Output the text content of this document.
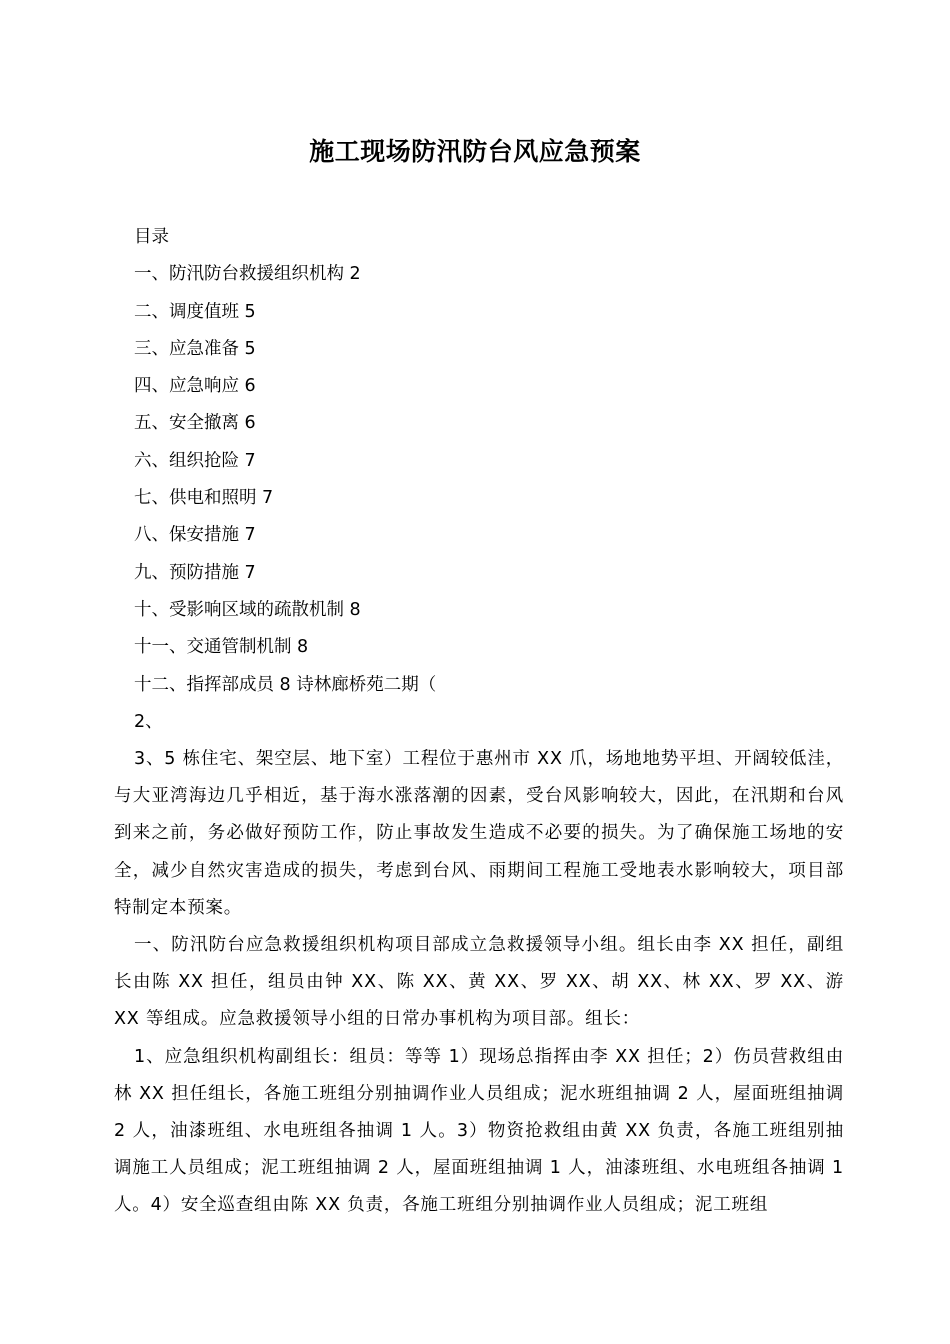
施工现场防汛防台风应急预案
目录
一、防汛防台救援组织机构 2
二、调度值班 5
三、应急准备 5
四、应急响应 6
五、安全撤离 6
六、组织抢险 7
七、供电和照明 7
八、保安措施 7
九、预防措施 7
十、受影响区域的疏散机制 8
十一、交通管制机制 8
十二、指挥部成员 8 诗林廊桥苑二期（
2、

3、5 栋住宅、架空层、地下室）工程位于惠州市 XX 爪，场地地势平坦、开阔较低洼，与大亚湾海边几乎相近，基于海水涨落潮的因素，受台风影响较大，因此，在汛期和台风到来之前，务必做好预防工作，防止事故发生造成不必要的损失。为了确保施工场地的安全，减少自然灾害造成的损失，考虑到台风、雨期间工程施工受地表水影响较大，项目部特制定本预案。

一、防汛防台应急救援组织机构项目部成立急救援领导小组。组长由李 XX 担任，副组长由陈 XX 担任，组员由钟 XX、陈 XX、黄 XX、罗 XX、胡 XX、林 XX、罗 XX、游 XX 等组成。应急救援领导小组的日常办事机构为项目部。组长：

1、应急组织机构副组长：组员：等等 1）现场总指挥由李 XX 担任；2）伤员营救组由林 XX 担任组长，各施工班组分别抽调作业人员组成；泥水班组抽调 2 人，屋面班组抽调 2 人，油漆班组、水电班组各抽调 1 人。3）物资抢救组由黄 XX 负责，各施工班组别抽调施工人员组成；泥工班组抽调 2 人，屋面班组抽调 1 人，油漆班组、水电班组各抽调 1 人。4）安全巡查组由陈 XX 负责，各施工班组分别抽调作业人员组成；泥工班组
